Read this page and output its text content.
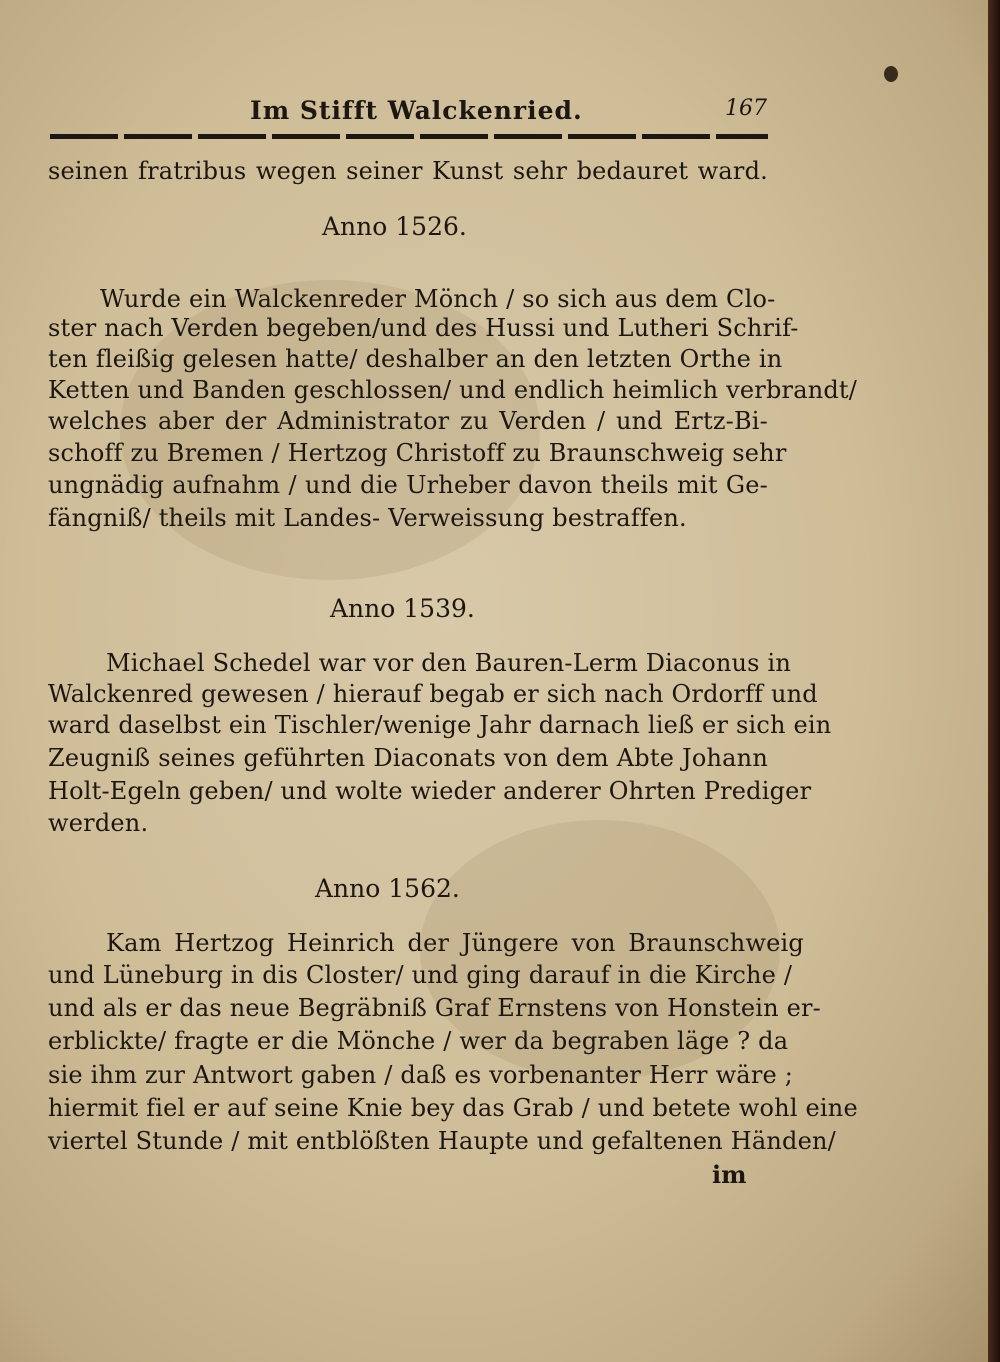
Im Stifft Walckenried.	167
seinen fratribus wegen seiner Kunst sehr bedauret ward.
Anno 1526.
Wurde ein Walckenreder Mönch / so sich aus dem Clo-
ster nach Verden begeben/und des Hussi und Lutheri Schrif-
ten fleißig gelesen hatte/ deshalber an den letzten Orthe in
Ketten und Banden geschlossen/ und endlich heimlich verbrandt/
welches aber der Administrator zu Verden / und Ertz-Bi-
schoff zu Bremen / Hertzog Christoff zu Braunschweig sehr
ungnädig aufnahm / und die Urheber davon theils mit Ge-
fängniß/ theils mit Landes- Verweissung bestraffen.
Anno 1539.
Michael Schedel war vor den Bauren-Lerm Diaconus in
Walckenred gewesen / hierauf begab er sich nach Ordorff und
ward daselbst ein Tischler/wenige Jahr darnach ließ er sich ein
Zeugniß seines geführten Diaconats von dem Abte Johann
Holt-Egeln geben/ und wolte wieder anderer Ohrten Prediger
werden.
Anno 1562.
Kam Hertzog Heinrich der Jüngere von Braunschweig
und Lüneburg in dis Closter/ und ging darauf in die Kirche /
und als er das neue Begräbniß Graf Ernstens von Honstein er-
erblickte/ fragte er die Mönche / wer da begraben läge ? da
sie ihm zur Antwort gaben / daß es vorbenanter Herr wäre ;
hiermit fiel er auf seine Knie bey das Grab / und betete wohl eine
viertel Stunde / mit entblößten Haupte und gefaltenen Händen/
im
